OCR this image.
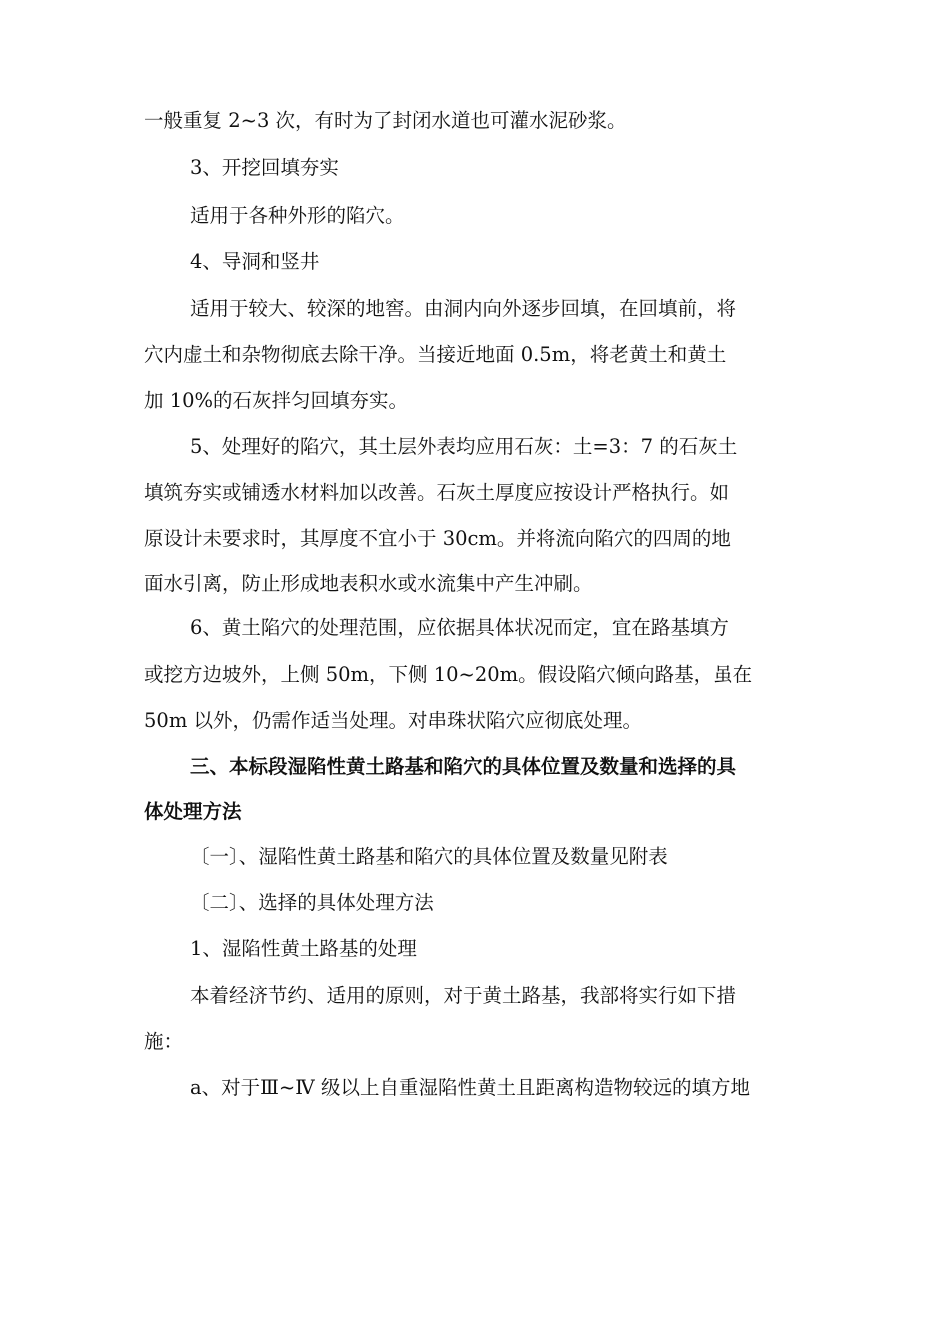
一般重复 2~3 次，有时为了封闭水道也可灌水泥砂浆。

3、开挖回填夯实

适用于各种外形的陷穴。

4、导洞和竖井

适用于较大、较深的地窖。由洞内向外逐步回填，在回填前，将

穴内虚土和杂物彻底去除干净。当接近地面 0.5m，将老黄土和黄土

加 10%的石灰拌匀回填夯实。

5、处理好的陷穴，其土层外表均应用石灰：土=3：7 的石灰土

填筑夯实或铺透水材料加以改善。石灰土厚度应按设计严格执行。如

原设计未要求时，其厚度不宜小于 30cm。并将流向陷穴的四周的地

面水引离，防止形成地表积水或水流集中产生冲刷。

6、黄土陷穴的处理范围，应依据具体状况而定，宜在路基填方

或挖方边坡外，上侧 50m，下侧 10~20m。假设陷穴倾向路基，虽在

50m 以外，仍需作适当处理。对串珠状陷穴应彻底处理。

三、本标段湿陷性黄土路基和陷穴的具体位置及数量和选择的具

体处理方法

〔一〕、湿陷性黄土路基和陷穴的具体位置及数量见附表

〔二〕、选择的具体处理方法

1、湿陷性黄土路基的处理

本着经济节约、适用的原则，对于黄土路基，我部将实行如下措

施：

a、对于Ⅲ~Ⅳ 级以上自重湿陷性黄土且距离构造物较远的填方地
